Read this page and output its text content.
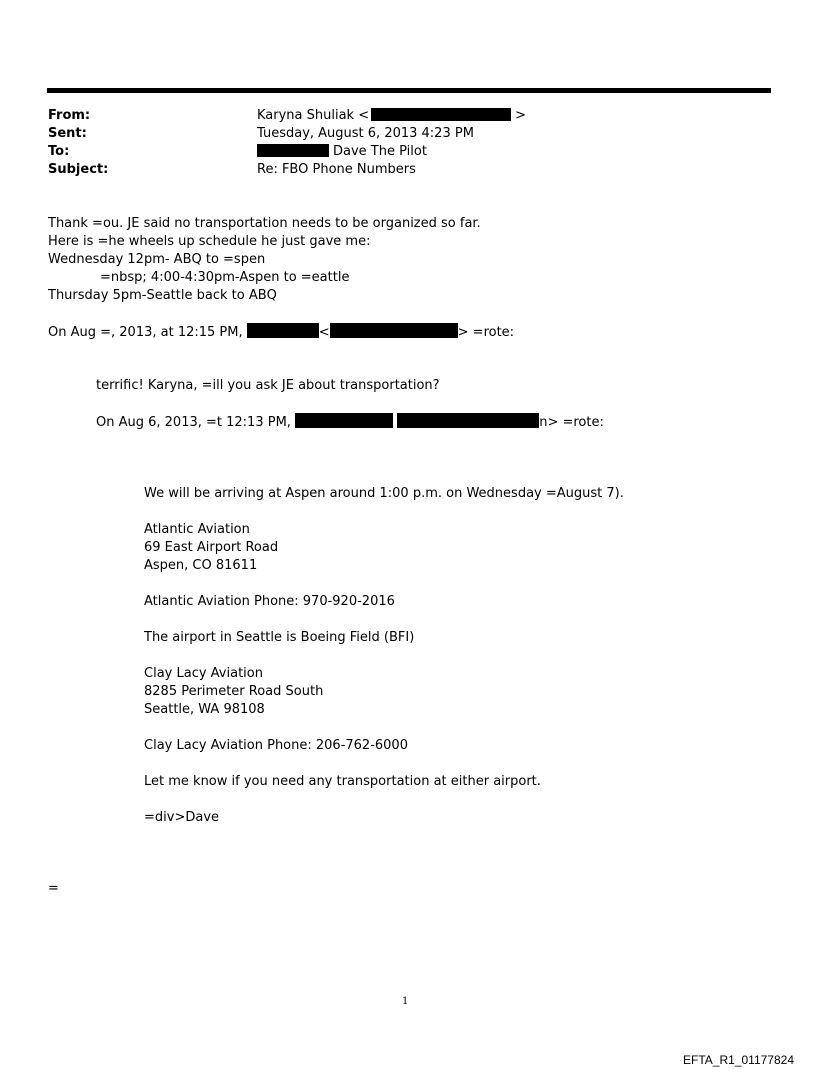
From:	Karyna Shuliak <	>
Sent:	Tuesday, August 6, 2013 4:23 PM
To:	Dave The Pilot
Subject:	Re: FBO Phone Numbers
Thank =ou. JE said no transportation needs to be organized so far.
Here is =he wheels up schedule he just gave me:
Wednesday 12pm- ABQ to =spen
=nbsp; 4:00-4:30pm-Aspen to =eattle
Thursday 5pm-Seattle back to ABQ
On Aug =, 2013, at 12:15 PM,	<	> =rote:
terrific! Karyna, =ill you ask JE about transportation?
On Aug 6, 2013, =t 12:13 PM,	n> =rote:
We will be arriving at Aspen around 1:00 p.m. on Wednesday =August 7).
Atlantic Aviation
69 East Airport Road
Aspen, CO 81611
Atlantic Aviation Phone: 970-920-2016
The airport in Seattle is Boeing Field (BFI)
Clay Lacy Aviation
8285 Perimeter Road South
Seattle, WA 98108
Clay Lacy Aviation Phone: 206-762-6000
Let me know if you need any transportation at either airport.
=div>Dave
=
1
EFTA_R1_01177824
